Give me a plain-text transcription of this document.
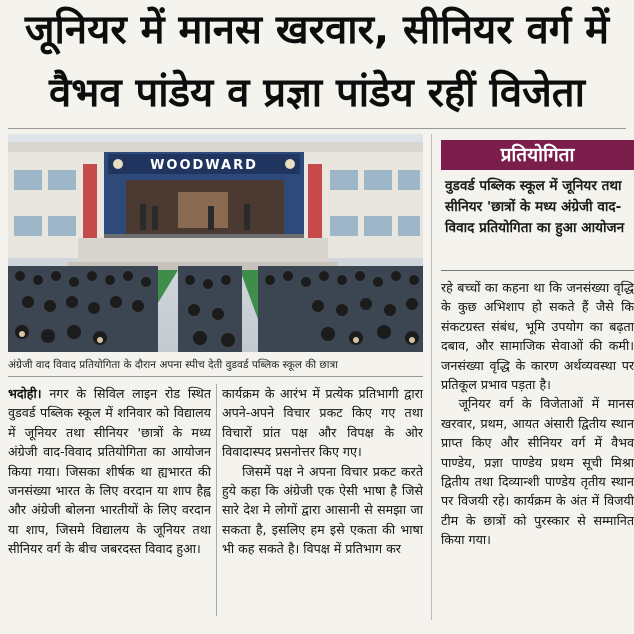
जूनियर में मानस खरवार, सीनियर वर्ग में
वैभव पांडेय व प्रज्ञा पांडेय रहीं विजेता
WOODWARD
अंग्रेजी वाद विवाद प्रतियोगिता के दौरान अपना स्पीच देती वुडवर्ड पब्लिक स्कूल की छात्रा
प्रतियोगिता
वुडवर्ड पब्लिक स्कूल में जूनियर तथा सीनियर 'छात्रों के मध्य अंग्रेजी वाद-विवाद प्रतियोगिता का हुआ आयोजन

भदोही। नगर के सिविल लाइन रोड स्थित वुडवर्ड पब्लिक स्कूल में शनिवार को विद्यालय में जूनियर तथा सीनियर 'छात्रों के मध्य अंग्रेजी वाद-विवाद प्रतियोगिता का आयोजन किया गया। जिसका शीर्षक था ह्यभारत की जनसंख्या भारत के लिए वरदान या शाप हैह्व और अंग्रेजी बोलना भारतीयों के लिए वरदान या शाप, जिसमे विद्यालय के जूनियर तथा सीनियर वर्ग के बीच जबरदस्त विवाद हुआ।

कार्यक्रम के आरंभ में प्रत्येक प्रतिभागी द्वारा अपने-अपने विचार प्रकट किए गए तथा विचारों प्रांत पक्ष और विपक्ष के ओर विवादास्पद प्रसनोत्तर किए गए।

जिसमें पक्ष ने अपना विचार प्रकट करते हुये कहा कि अंग्रेजी एक ऐसी भाषा है जिसे सारे देश मे लोगों द्वारा आसानी से समझा जा सकता है, इसलिए हम इसे एकता की भाषा भी कह सकते है। विपक्ष में प्रतिभाग कर

रहे बच्चों का कहना था कि जनसंख्या वृद्धि के कुछ अभिशाप हो सकते हैं जैसे कि संकटग्रस्त संबंध, भूमि उपयोग का बढ़ता दबाव, और सामाजिक सेवाओं की कमी। जनसंख्या वृद्धि के कारण अर्थव्यवस्था पर प्रतिकूल प्रभाव पड़ता है।

जूनियर वर्ग के विजेताओं में मानस खरवार, प्रथम, आयत अंसारी द्वितीय स्थान प्राप्त किए और सीनियर वर्ग में वैभव पाण्डेय, प्रज्ञा पाण्डेय प्रथम सूची मिश्रा द्वितीय तथा दिव्यान्शी पाण्डेय तृतीय स्थान पर विजयी रहे। कार्यक्रम के अंत में विजयी टीम के छात्रों को पुरस्कार से सम्मानित किया गया।
